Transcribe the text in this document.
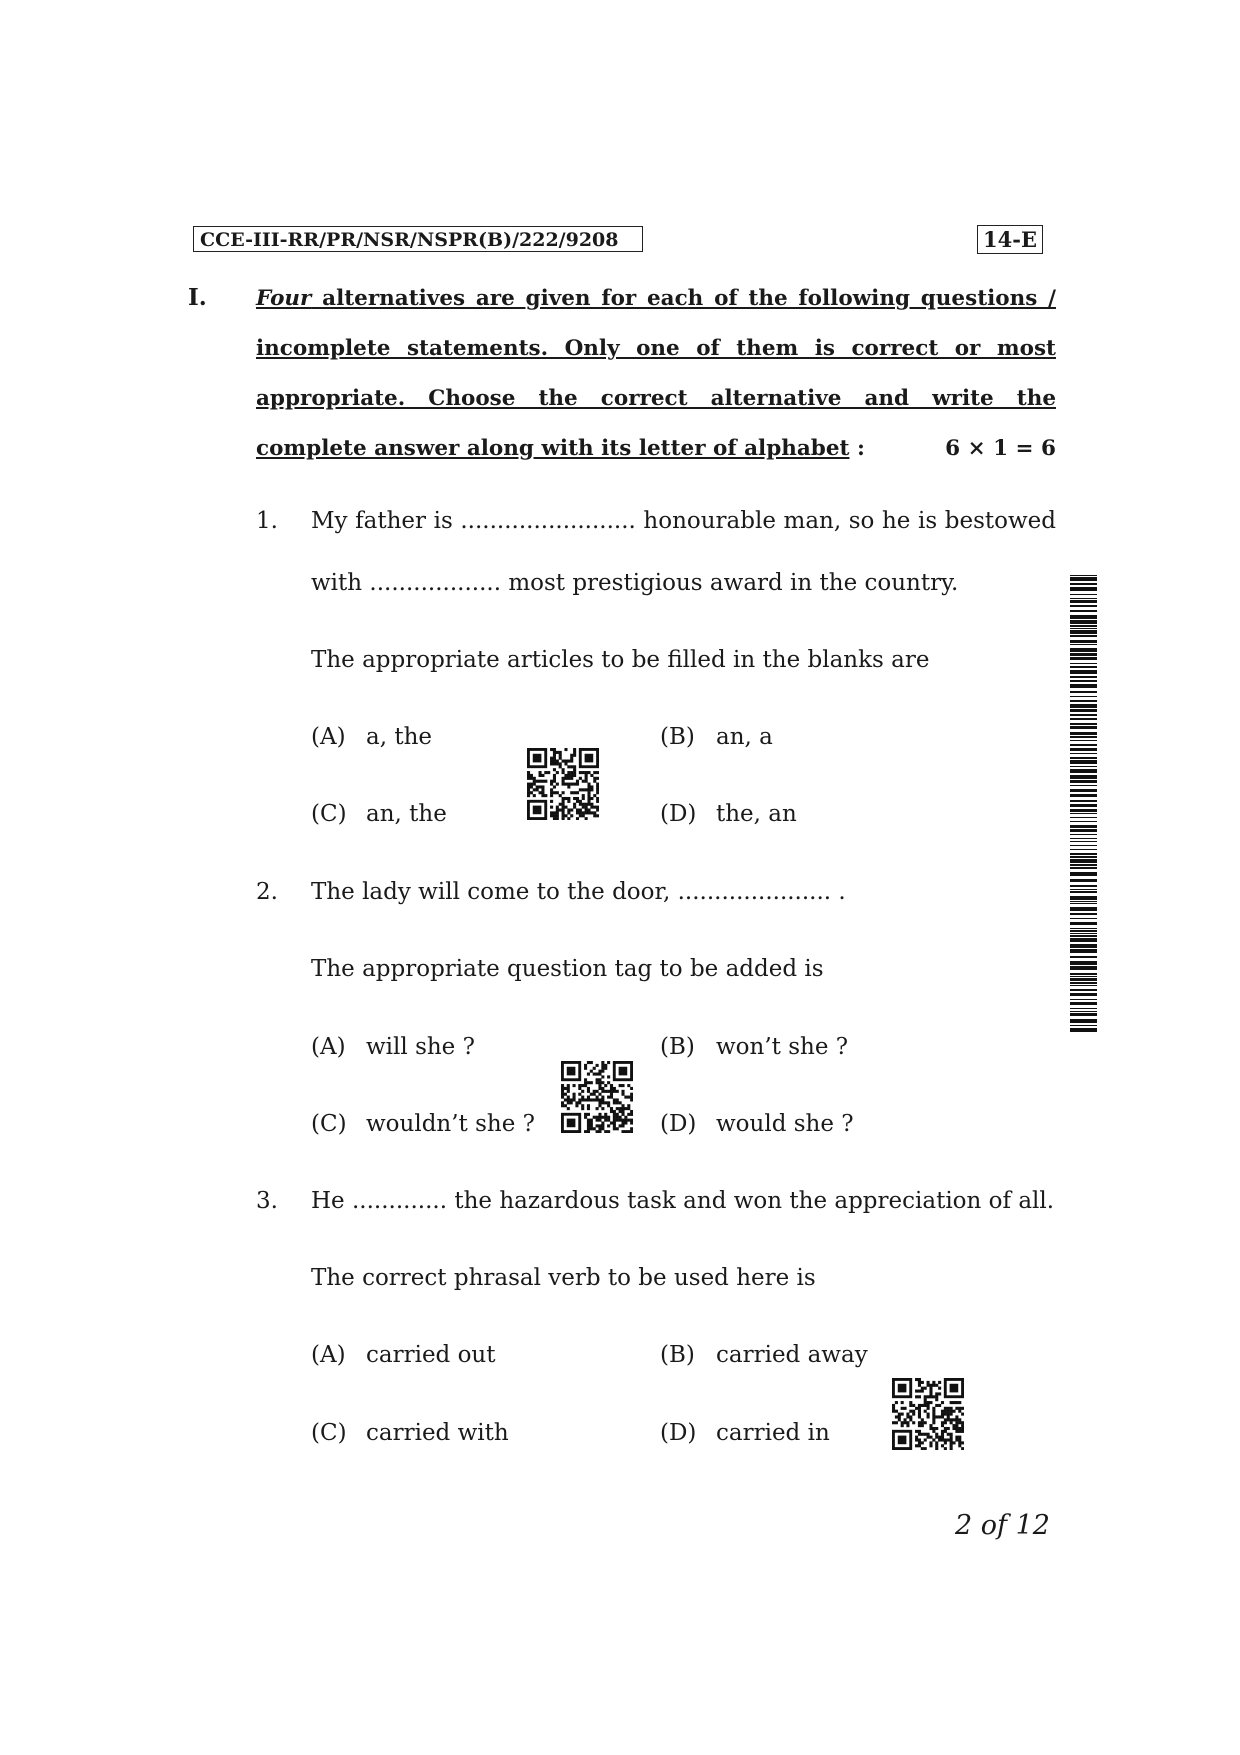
CCE-III-RR/PR/NSR/NSPR(B)/222/9208	14-E
I. Four alternatives are given for each of the following questions /
incomplete statements. Only one of them is correct or most
appropriate. Choose the correct alternative and write the
complete answer along with its letter of alphabet :	6 × 1 = 6
1. My father is ........................ honourable man, so he is bestowed
with .................. most prestigious award in the country.
The appropriate articles to be filled in the blanks are
(A) a, the	(B) an, a
(C) an, the	(D) the, an
2. The lady will come to the door, ..................... .
The appropriate question tag to be added is
(A) will she ?	(B) won’t she ?
(C) wouldn’t she ?	(D) would she ?
3. He ............. the hazardous task and won the appreciation of all.
The correct phrasal verb to be used here is
(A) carried out	(B) carried away
(C) carried with	(D) carried in
2 of 12
